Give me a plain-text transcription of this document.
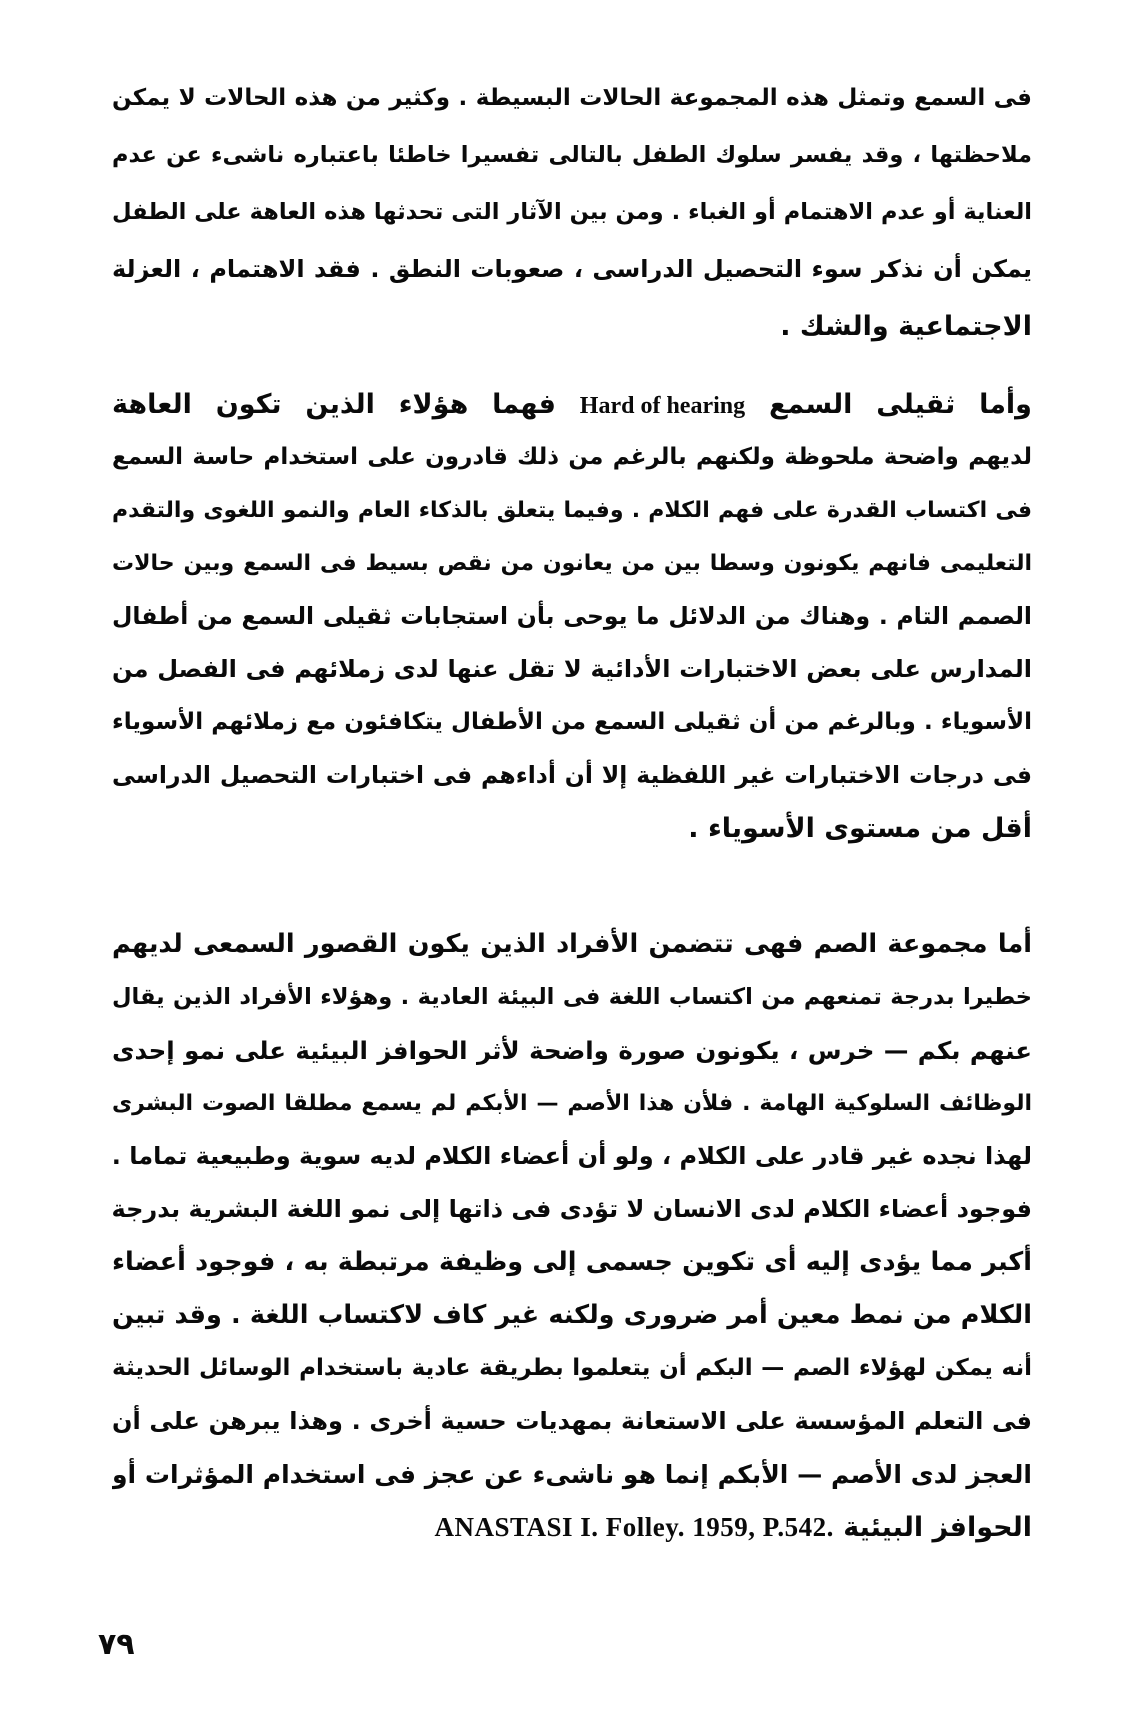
فى السمع وتمثل هذه المجموعة الحالات البسيطة . وكثير من هذه الحالات لا يمكن
ملاحظتها ، وقد يفسر سلوك الطفل بالتالى تفسيرا خاطئا باعتباره ناشىء عن عدم
العناية أو عدم الاهتمام أو الغباء . ومن بين الآثار التى تحدثها هذه العاهة على الطفل
يمكن أن نذكر سوء التحصيل الدراسى ، صعوبات النطق . فقد الاهتمام ، العزلة
الاجتماعية والشك .
وأما ثقيلى السمع Hard of hearing فهما هؤلاء الذين تكون العاهة
لديهم واضحة ملحوظة ولكنهم بالرغم من ذلك قادرون على استخدام حاسة السمع
فى اكتساب القدرة على فهم الكلام . وفيما يتعلق بالذكاء العام والنمو اللغوى والتقدم
التعليمى فانهم يكونون وسطا بين من يعانون من نقص بسيط فى السمع وبين حالات
الصمم التام . وهناك من الدلائل ما يوحى بأن استجابات ثقيلى السمع من أطفال
المدارس على بعض الاختبارات الأدائية لا تقل عنها لدى زملائهم فى الفصل من
الأسوياء . وبالرغم من أن ثقيلى السمع من الأطفال يتكافئون مع زملائهم الأسوياء
فى درجات الاختبارات غير اللفظية إلا أن أداءهم فى اختبارات التحصيل الدراسى
أقل من مستوى الأسوياء .
أما مجموعة الصم فهى تتضمن الأفراد الذين يكون القصور السمعى لديهم
خطيرا بدرجة تمنعهم من اكتساب اللغة فى البيئة العادية . وهؤلاء الأفراد الذين يقال
عنهم بكم — خرس ، يكونون صورة واضحة لأثر الحوافز البيئية على نمو إحدى
الوظائف السلوكية الهامة . فلأن هذا الأصم — الأبكم لم يسمع مطلقا الصوت البشرى
لهذا نجده غير قادر على الكلام ، ولو أن أعضاء الكلام لديه سوية وطبيعية تماما .
فوجود أعضاء الكلام لدى الانسان لا تؤدى فى ذاتها إلى نمو اللغة البشرية بدرجة
أكبر مما يؤدى إليه أى تكوين جسمى إلى وظيفة مرتبطة به ، فوجود أعضاء
الكلام من نمط معين أمر ضرورى ولكنه غير كاف لاكتساب اللغة . وقد تبين
أنه يمكن لهؤلاء الصم — البكم أن يتعلموا بطريقة عادية باستخدام الوسائل الحديثة
فى التعلم المؤسسة على الاستعانة بمهديات حسية أخرى . وهذا يبرهن على أن
العجز لدى الأصم — الأبكم إنما هو ناشىء عن عجز فى استخدام المؤثرات أو
الحوافز البيئية ANASTASI I. Folley. 1959, P.542.
٧٩
